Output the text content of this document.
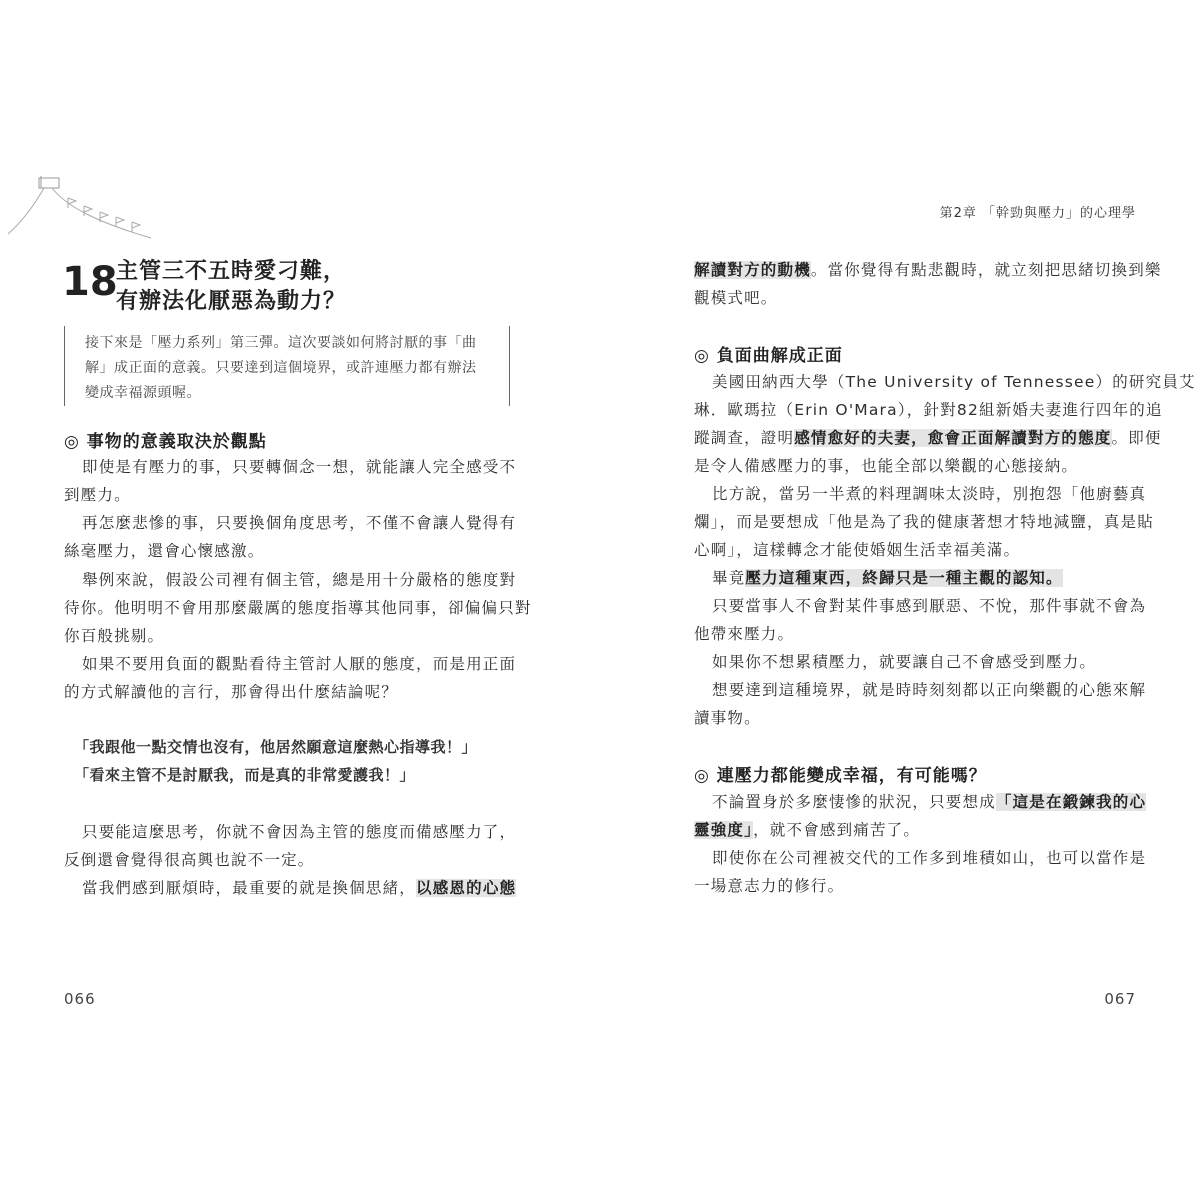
18
主管三不五時愛刁難，
有辦法化厭惡為動力？
接下來是「壓力系列」第三彈。這次要談如何將討厭的事「曲
解」成正面的意義。只要達到這個境界，或許連壓力都有辦法
變成幸福源頭喔。
◎ 事物的意義取決於觀點
即使是有壓力的事，只要轉個念一想，就能讓人完全感受不
到壓力。
再怎麼悲慘的事，只要換個角度思考，不僅不會讓人覺得有
絲毫壓力，還會心懷感激。
舉例來說，假設公司裡有個主管，總是用十分嚴格的態度對
待你。他明明不會用那麼嚴厲的態度指導其他同事，卻偏偏只對
你百般挑剔。
如果不要用負面的觀點看待主管討人厭的態度，而是用正面
的方式解讀他的言行，那會得出什麼結論呢？
「我跟他一點交情也沒有，他居然願意這麼熱心指導我！」
「看來主管不是討厭我，而是真的非常愛護我！」
只要能這麼思考，你就不會因為主管的態度而備感壓力了，
反倒還會覺得很高興也說不一定。
當我們感到厭煩時，最重要的就是換個思緒，以感恩的心態
066
第2章 「幹勁與壓力」的心理學
解讀對方的動機。當你覺得有點悲觀時，就立刻把思緒切換到樂
觀模式吧。
◎ 負面曲解成正面
美國田納西大學（The University of Tennessee）的研究員艾
琳．歐瑪拉（Erin O'Mara），針對82組新婚夫妻進行四年的追
蹤調查，證明感情愈好的夫妻，愈會正面解讀對方的態度。即便
是令人備感壓力的事，也能全部以樂觀的心態接納。
比方說，當另一半煮的料理調味太淡時，別抱怨「他廚藝真
爛」，而是要想成「他是為了我的健康著想才特地減鹽，真是貼
心啊」，這樣轉念才能使婚姻生活幸福美滿。
畢竟壓力這種東西，終歸只是一種主觀的認知。
只要當事人不會對某件事感到厭惡、不悅，那件事就不會為
他帶來壓力。
如果你不想累積壓力，就要讓自己不會感受到壓力。
想要達到這種境界，就是時時刻刻都以正向樂觀的心態來解
讀事物。
◎ 連壓力都能變成幸福，有可能嗎？
不論置身於多麼悽慘的狀況，只要想成「這是在鍛鍊我的心
靈強度」，就不會感到痛苦了。
即使你在公司裡被交代的工作多到堆積如山，也可以當作是
一場意志力的修行。
067
